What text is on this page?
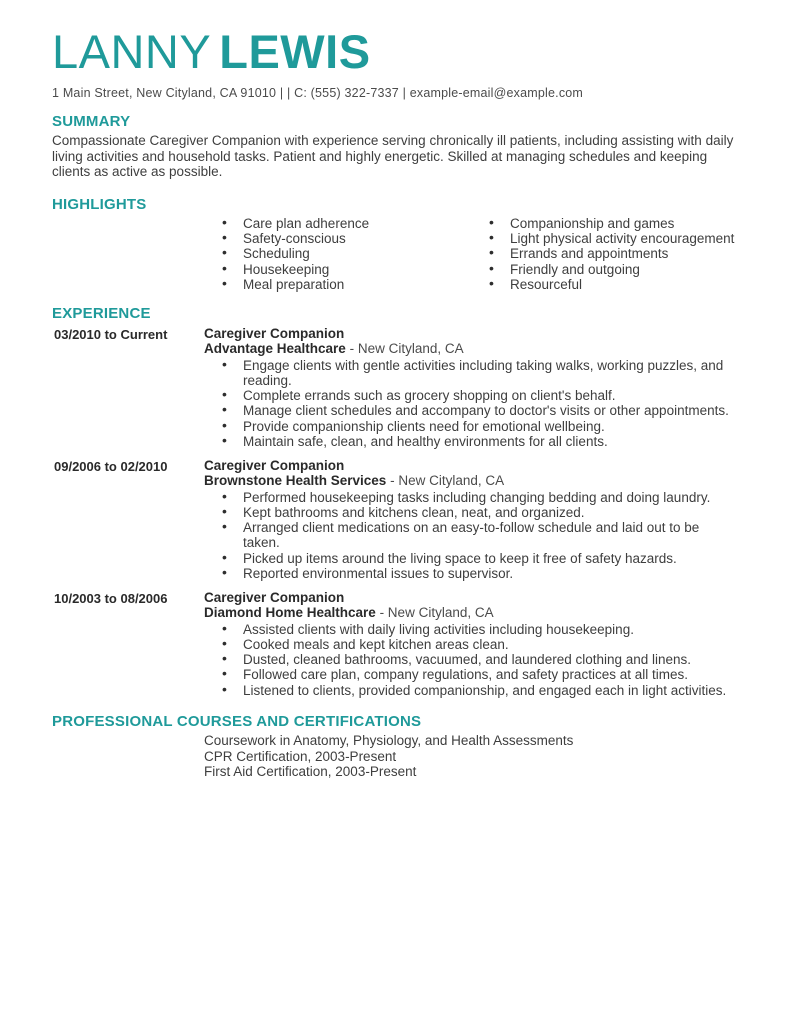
LANNY LEWIS
1 Main Street, New Cityland, CA 91010 | | C: (555) 322-7337 | example-email@example.com
SUMMARY

Compassionate Caregiver Companion with experience serving chronically ill patients, including assisting with daily living activities and household tasks. Patient and highly energetic. Skilled at managing schedules and keeping clients as active as possible.

HIGHLIGHTS
• Care plan adherence
• Safety-conscious
• Scheduling
• Housekeeping
• Meal preparation
• Companionship and games
• Light physical activity encouragement
• Errands and appointments
• Friendly and outgoing
• Resourceful
EXPERIENCE
03/2010 to Current	Caregiver Companion
Advantage Healthcare - New Cityland, CA
• Engage clients with gentle activities including taking walks, working puzzles, and reading.
• Complete errands such as grocery shopping on client's behalf.
• Manage client schedules and accompany to doctor's visits or other appointments.
• Provide companionship clients need for emotional wellbeing.
• Maintain safe, clean, and healthy environments for all clients.
09/2006 to 02/2010	Caregiver Companion
Brownstone Health Services - New Cityland, CA
• Performed housekeeping tasks including changing bedding and doing laundry.
• Kept bathrooms and kitchens clean, neat, and organized.
• Arranged client medications on an easy-to-follow schedule and laid out to be taken.
• Picked up items around the living space to keep it free of safety hazards.
• Reported environmental issues to supervisor.
10/2003 to 08/2006	Caregiver Companion
Diamond Home Healthcare - New Cityland, CA
• Assisted clients with daily living activities including housekeeping.
• Cooked meals and kept kitchen areas clean.
• Dusted, cleaned bathrooms, vacuumed, and laundered clothing and linens.
• Followed care plan, company regulations, and safety practices at all times.
• Listened to clients, provided companionship, and engaged each in light activities.
PROFESSIONAL COURSES AND CERTIFICATIONS
Coursework in Anatomy, Physiology, and Health Assessments
CPR Certification, 2003-Present
First Aid Certification, 2003-Present
